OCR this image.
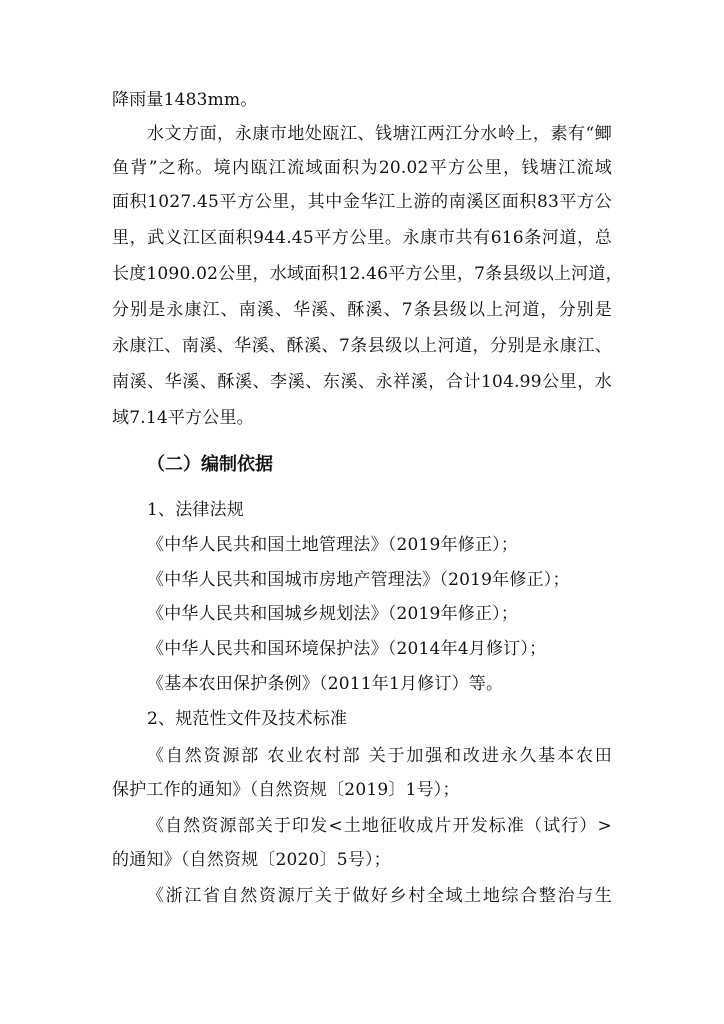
降雨量1483mm。
水文方面，永康市地处瓯江、钱塘江两江分水岭上，素有“鲫
鱼背”之称。境内瓯江流域面积为20.02平方公里，钱塘江流域
面积1027.45平方公里，其中金华江上游的南溪区面积83平方公
里，武义江区面积944.45平方公里。永康市共有616条河道，总
长度1090.02公里，水域面积12.46平方公里，7条县级以上河道，
分别是永康江、南溪、华溪、酥溪、7条县级以上河道，分别是
永康江、南溪、华溪、酥溪、7条县级以上河道，分别是永康江、
南溪、华溪、酥溪、李溪、东溪、永祥溪，合计104.99公里，水
域7.14平方公里。
（二）编制依据
1、法律法规
《中华人民共和国土地管理法》（2019年修正）；
《中华人民共和国城市房地产管理法》（2019年修正）；
《中华人民共和国城乡规划法》（2019年修正）；
《中华人民共和国环境保护法》（2014年4月修订）；
《基本农田保护条例》（2011年1月修订）等。
2、规范性文件及技术标准
《自然资源部 农业农村部 关于加强和改进永久基本农田
保护工作的通知》（自然资规〔2019〕1号）；
《自然资源部关于印发<土地征收成片开发标准（试行）>
的通知》（自然资规〔2020〕5号）；
《浙江省自然资源厅关于做好乡村全域土地综合整治与生
